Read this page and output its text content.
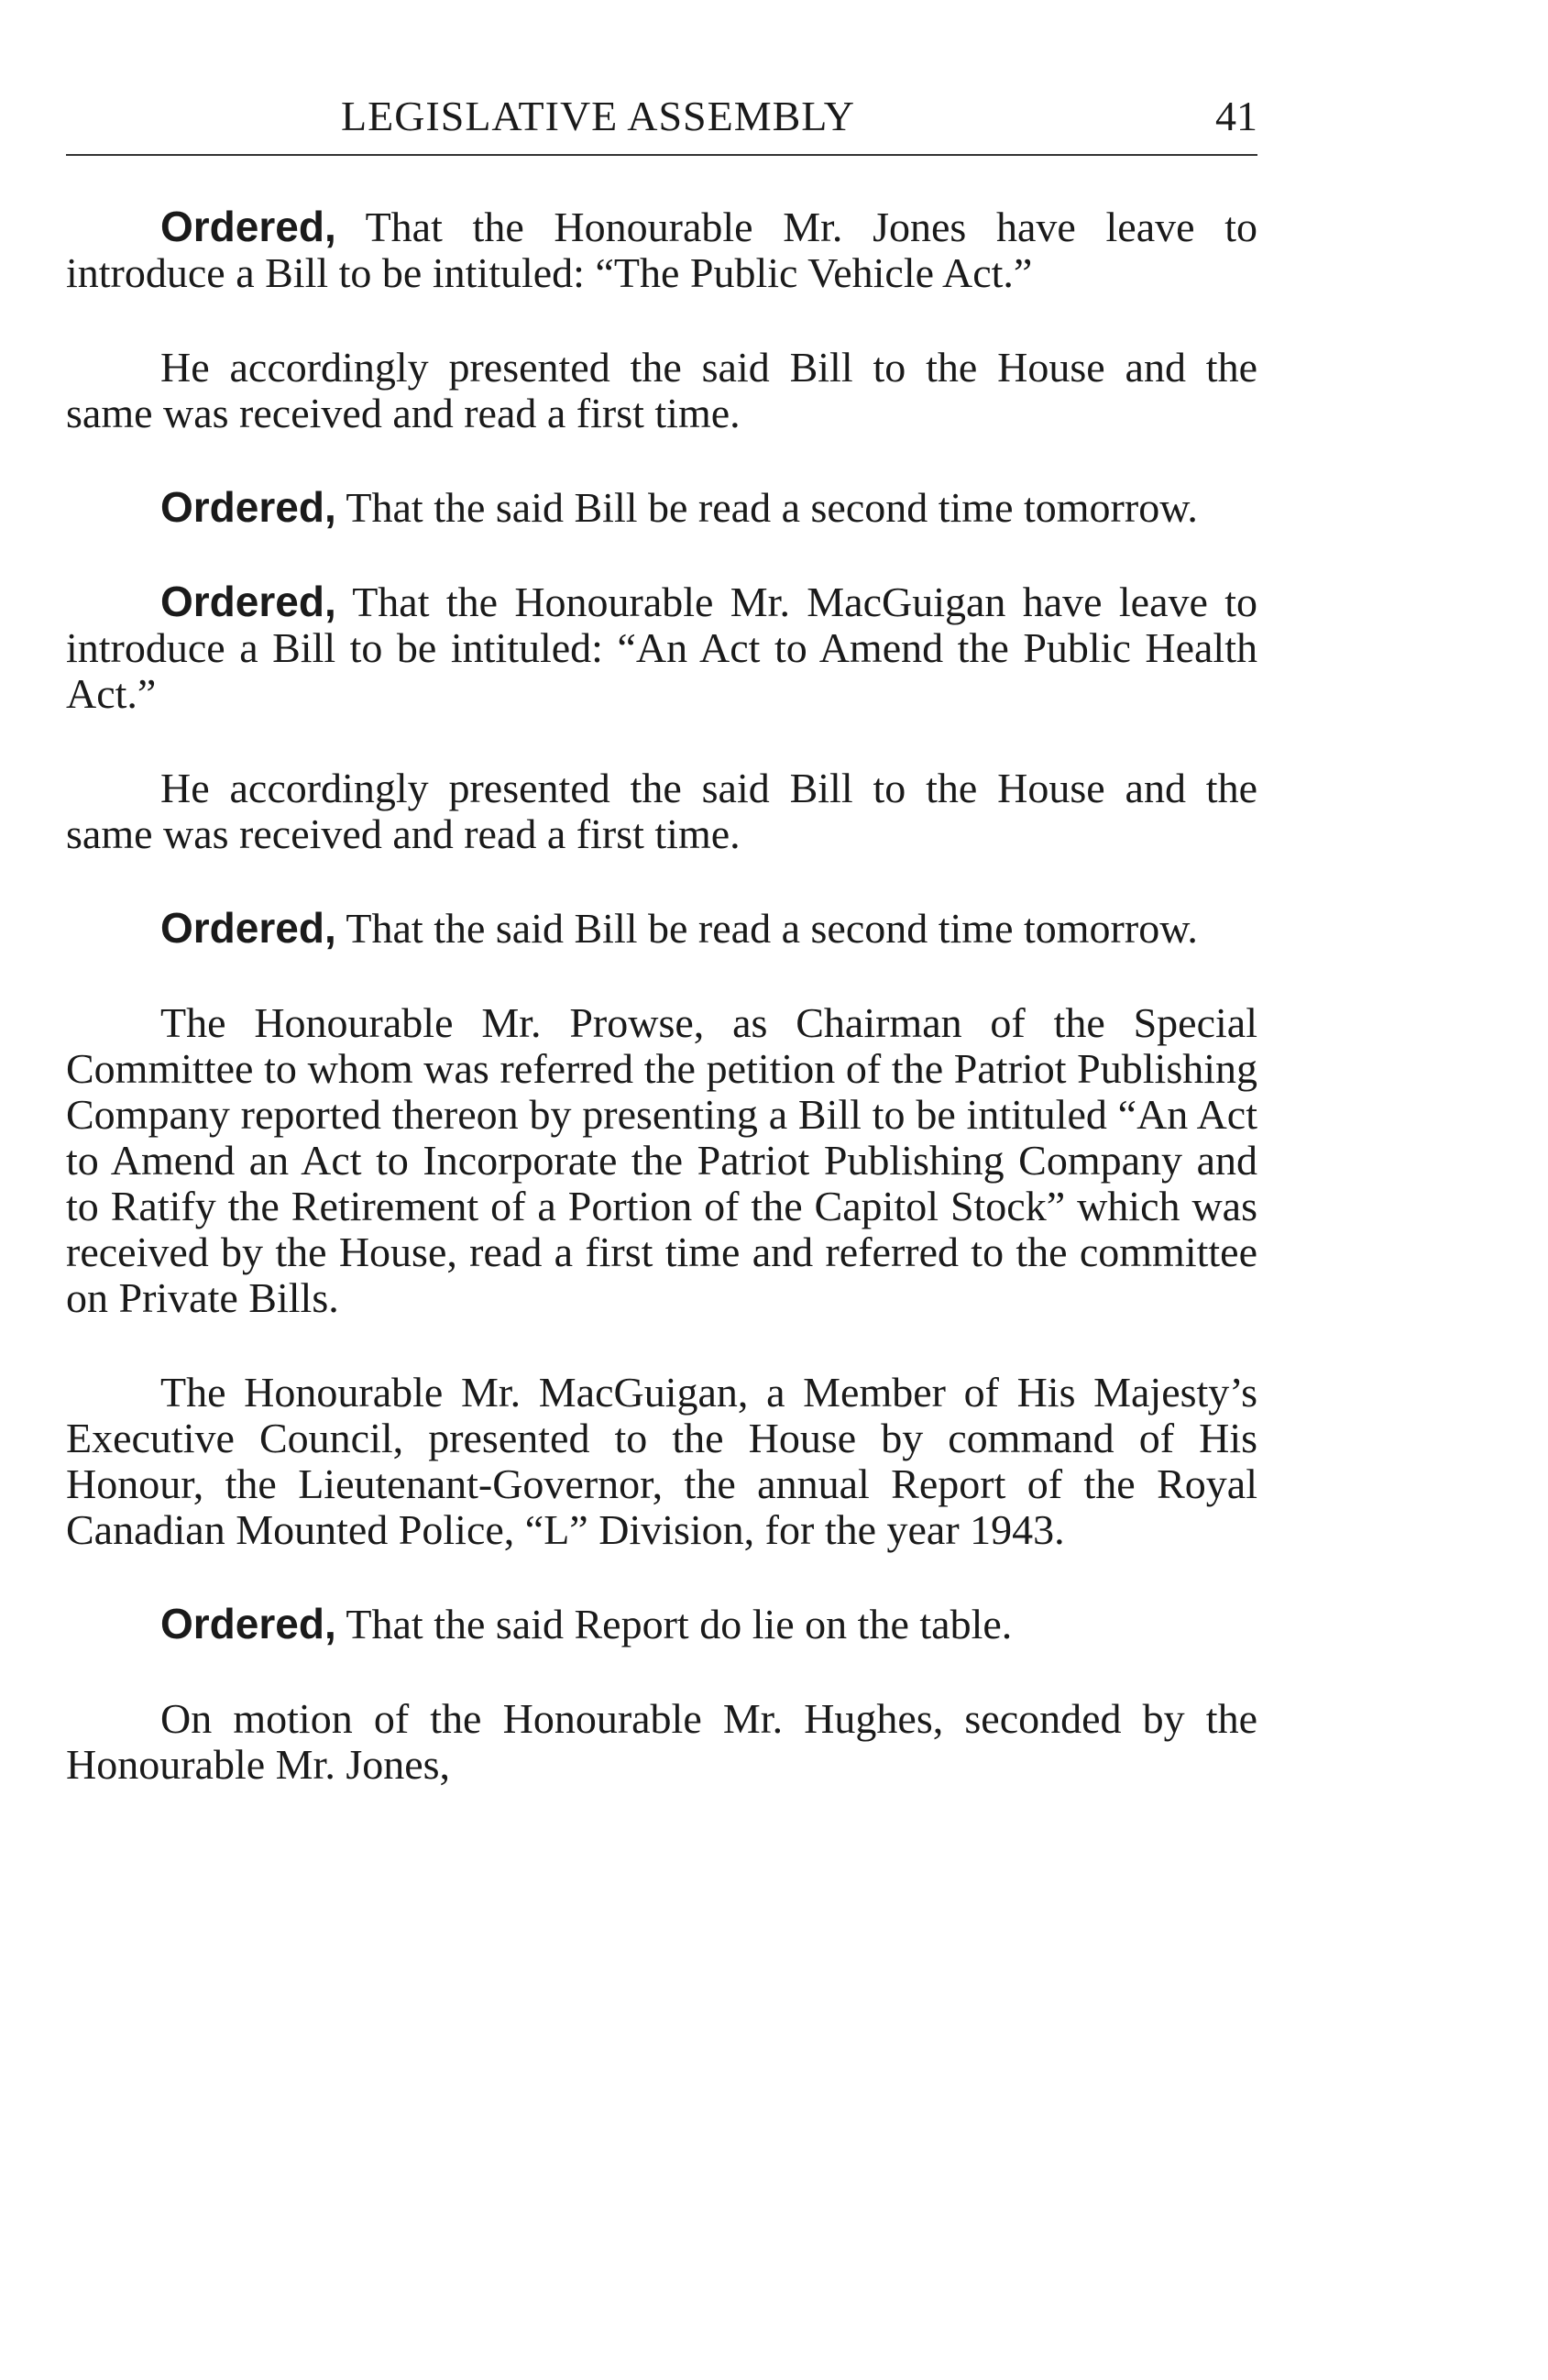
LEGISLATIVE ASSEMBLY	41

Ordered, That the Honourable Mr. Jones have leave to introduce a Bill to be intituled: “The Public Vehicle Act.”

He accordingly presented the said Bill to the House and the same was received and read a first time.

Ordered, That the said Bill be read a second time tomorrow.

Ordered, That the Honourable Mr. MacGuigan have leave to introduce a Bill to be intituled: “An Act to Amend the Public Health Act.”

He accordingly presented the said Bill to the House and the same was received and read a first time.

Ordered, That the said Bill be read a second time tomorrow.

The Honourable Mr. Prowse, as Chairman of the Special Committee to whom was referred the petition of the Patriot Publishing Company reported thereon by presenting a Bill to be intituled “An Act to Amend an Act to Incorporate the Patriot Publishing Company and to Ratify the Retirement of a Portion of the Capitol Stock” which was received by the House, read a first time and referred to the committee on Private Bills.

The Honourable Mr. MacGuigan, a Member of His Majesty’s Executive Council, presented to the House by command of His Honour, the Lieutenant-Governor, the annual Report of the Royal Canadian Mounted Police, “L” Division, for the year 1943.

Ordered, That the said Report do lie on the table.

On motion of the Honourable Mr. Hughes, seconded by the Honourable Mr. Jones,
